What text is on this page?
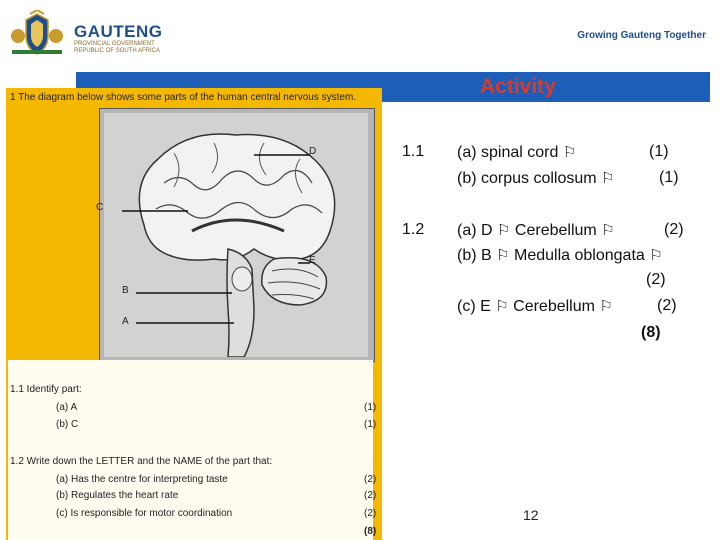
GAUTENG
PROVINCIAL GOVERNMENT
REPUBLIC OF SOUTH AFRICA
Growing Gauteng Together
Activity
1 The diagram below shows some parts of the human central nervous system.
D
C
E
B
A
1.1 Identify part:
(a) A	(1)
(b) C	(1)
1.2 Write down the LETTER and the NAME of the part that:
(a) Has the centre for interpreting taste	(2)
(b) Regulates the heart rate	(2)
(c) Is responsible for motor coordination	(2)
(8)
1.1 (a) spinal cord ⚐	(1)
(b) corpus collosum ⚐	(1)
1.2 (a) D ⚐ Cerebellum ⚐	(2)
(b) B ⚐ Medulla oblongata ⚐
(2)
(c) E ⚐ Cerebellum ⚐	(2)
(8)
12
